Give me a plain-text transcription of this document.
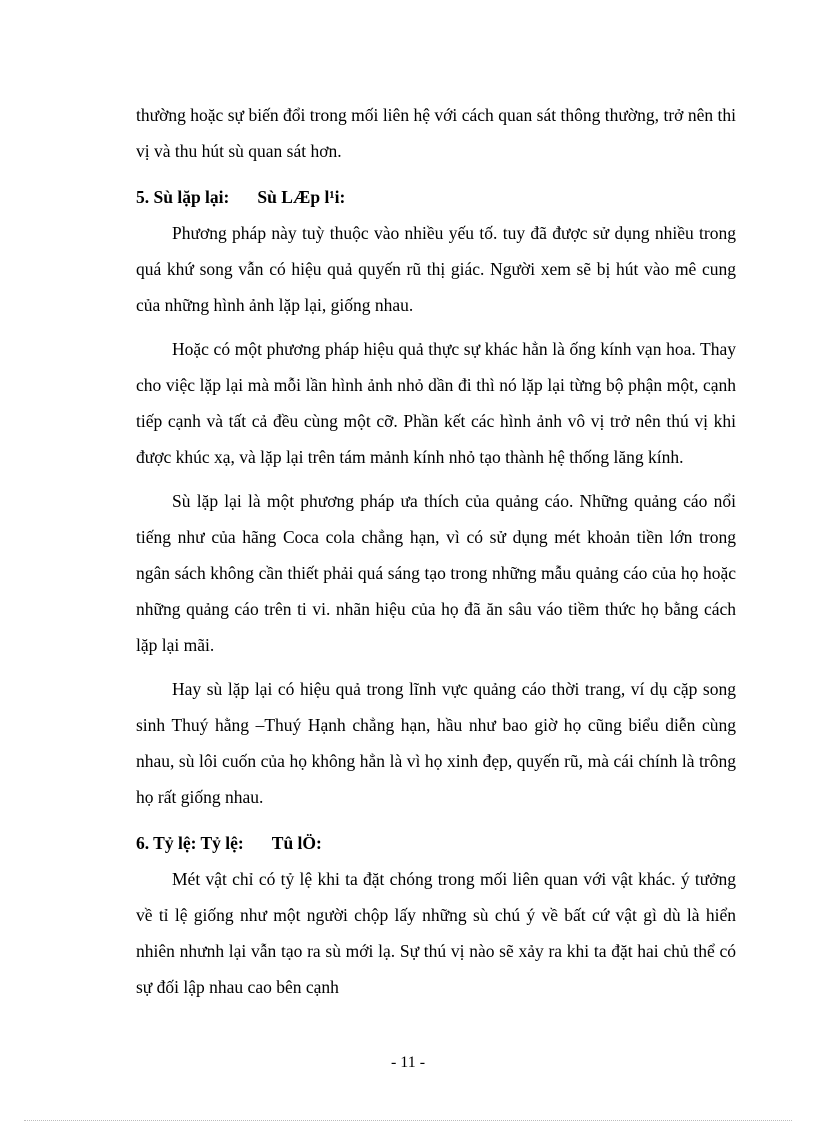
thường hoặc sự biến đổi trong mối liên hệ với cách quan sát thông thường, trở nên thi vị và thu hút sù quan sát hơn.

5. Sù lặp lại: Sù LÆp l¹i:

Phương pháp này tuỳ thuộc vào nhiều yếu tố. tuy đã được sử dụng nhiều trong quá khứ song vẫn có hiệu quả quyến rũ thị giác. Người xem sẽ bị hút vào mê cung của những hình ảnh lặp lại, giống nhau.

Hoặc có một phương pháp hiệu quả thực sự khác hẳn là ống kính vạn hoa. Thay cho việc lặp lại mà mỗi lần hình ảnh nhỏ dần đi thì nó lặp lại từng bộ phận một, cạnh tiếp cạnh và tất cả đều cùng một cỡ. Phần kết các hình ảnh vô vị trở nên thú vị khi được khúc xạ, và lặp lại trên tám mảnh kính nhỏ tạo thành hệ thống lăng kính.

Sù lặp lại là một phương pháp ưa thích của quảng cáo. Những quảng cáo nổi tiếng như của hãng Coca cola chẳng hạn, vì có sử dụng mét khoản tiền lớn trong ngân sách không cần thiết phải quá sáng tạo trong những mẫu quảng cáo của họ hoặc những quảng cáo trên ti vi. nhãn hiệu của họ đã ăn sâu váo tiềm thức họ bằng cách lặp lại mãi.

Hay sù lặp lại có hiệu quả trong lĩnh vực quảng cáo thời trang, ví dụ cặp song sinh Thuý hằng –Thuý Hạnh chẳng hạn, hầu như bao giờ họ cũng biểu diễn cùng nhau, sù lôi cuốn của họ không hẳn là vì họ xinh đẹp, quyến rũ, mà cái chính là trông họ rất giống nhau.

6. Tỷ lệ: Tỷ lệ: Tû lÖ:

Mét vật chỉ có tỷ lệ khi ta đặt chóng trong mối liên quan với vật khác. ý tưởng về tỉ lệ giống như một người chộp lấy những sù chú ý về bất cứ vật gì dù là hiển nhiên nhưnh lại vẫn tạo ra sù mới lạ. Sự thú vị nào sẽ xảy ra khi ta đặt hai chủ thể có sự đối lập nhau cao bên cạnh

- 11 -
